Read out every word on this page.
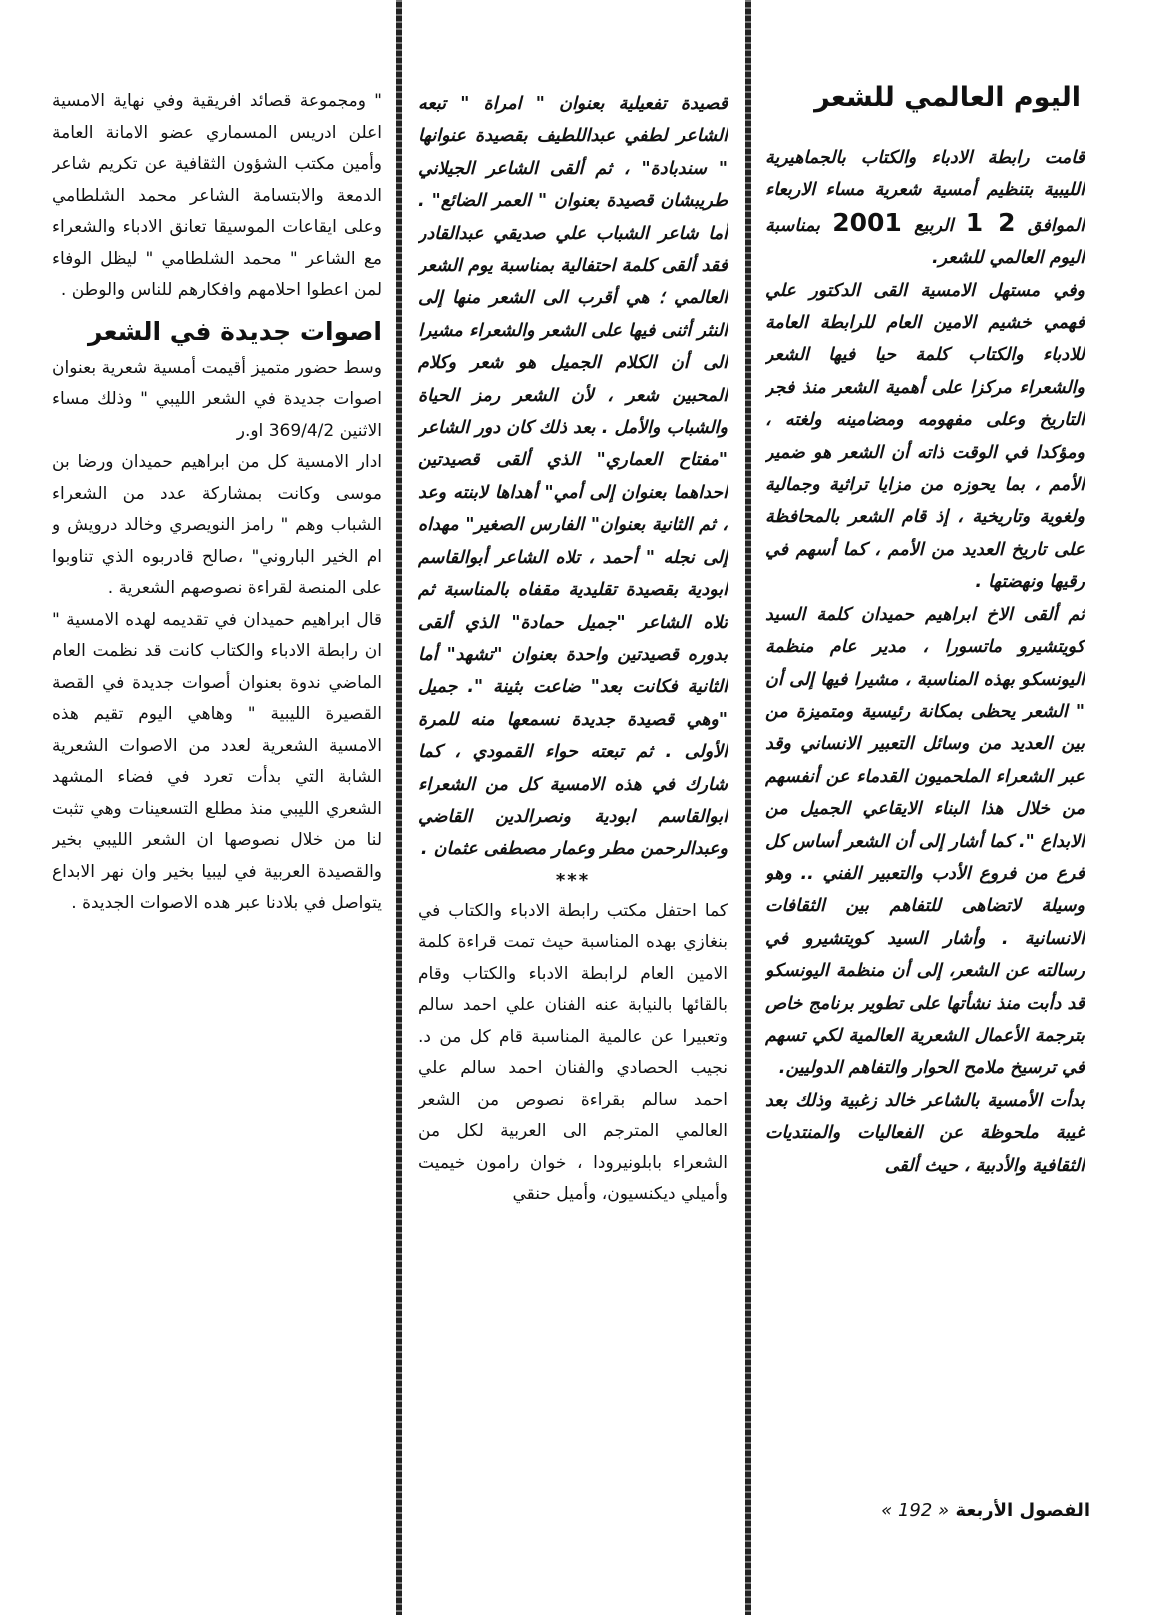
اليوم العالمي للشعر

قامت رابطة الادباء والكتاب بالجماهيرية الليبية بتنظيم أمسية شعرية مساء الاربعاء الموافق 2 1 الربيع 2001 بمناسبة اليوم العالمي للشعر.

وفي مستهل الامسية القى الدكتور علي فهمي خشيم الامين العام للرابطة العامة للادباء والكتاب كلمة حيا فيها الشعر والشعراء مركزا على أهمية الشعر منذ فجر التاريخ وعلى مفهومه ومضامينه ولغته ، ومؤكدا في الوقت ذاته أن الشعر هو ضمير الأمم ، بما يحوزه من مزايا تراثية وجمالية ولغوية وتاريخية ، إذ قام الشعر بالمحافظة على تاريخ العديد من الأمم ، كما أسهم في رقيها ونهضتها .

ثم ألقى الاخ ابراهيم حميدان كلمة السيد كويتشيرو ماتسورا ، مدير عام منظمة اليونسكو بهذه المناسبة ، مشيرا فيها إلى أن " الشعر يحظى بمكانة رئيسية ومتميزة من بين العديد من وسائل التعبير الانساني وقد عبر الشعراء الملحميون القدماء عن أنفسهم من خلال هذا البناء الايقاعي الجميل من الابداع ". كما أشار إلى أن الشعر أساس كل فرع من فروع الأدب والتعبير الفني .. وهو وسيلة لاتضاهى للتفاهم بين الثقافات الانسانية . وأشار السيد كويتشيرو في رسالته عن الشعر، إلى أن منظمة اليونسكو قد دأبت منذ نشأتها على تطوير برنامج خاص بترجمة الأعمال الشعرية العالمية لكي تسهم في ترسيخ ملامح الحوار والتفاهم الدوليين.

بدأت الأمسية بالشاعر خالد زغبية وذلك بعد غيبة ملحوظة عن الفعاليات والمنتديات الثقافية والأدبية ، حيث ألقى

قصيدة تفعيلية بعنوان " امراة " تبعه الشاعر لطفي عبداللطيف بقصيدة عنوانها " سندبادة" ، ثم ألقى الشاعر الجيلاني طريبشان قصيدة بعنوان " العمر الضائع" . أما شاعر الشباب علي صديقي عبدالقادر فقد ألقى كلمة احتفالية بمناسبة يوم الشعر العالمي ؛ هي أقرب الى الشعر منها إلى النثر أثنى فيها على الشعر والشعراء مشيرا الى أن الكلام الجميل هو شعر وكلام المحبين شعر ، لأن الشعر رمز الحياة والشباب والأمل . بعد ذلك كان دور الشاعر "مفتاح العماري" الذي ألقى قصيدتين احداهما بعنوان إلى أمي" أهداها لابنته وعد ، ثم الثانية بعنوان" الفارس الصغير" مهداه إلى نجله " أحمد ، تلاه الشاعر أبوالقاسم ابودية بقصيدة تقليدية مقفاه بالمناسبة ثم تلاه الشاعر "جميل حمادة" الذي ألقى بدوره قصيدتين واحدة بعنوان "تشهد" أما الثانية فكانت بعد" ضاعت بثينة ". جميل "وهي قصيدة جديدة نسمعها منه للمرة الأولى . ثم تبعته حواء القمودي ، كما شارك في هذه الامسية كل من الشعراء ابوالقاسم ابودية ونصرالدين القاضي وعبدالرحمن مطر وعمار مصطفى عثمان .

***

كما احتفل مكتب رابطة الادباء والكتاب في بنغازي بهده المناسبة حيث تمت قراءة كلمة الامين العام لرابطة الادباء والكتاب وقام بالقائها بالنيابة عنه الفنان علي احمد سالم وتعبيرا عن عالمية المناسبة قام كل من د. نجيب الحصادي والفنان احمد سالم علي احمد سالم بقراءة نصوص من الشعر العالمي المترجم الى العربية لكل من الشعراء بابلونيرودا ، خوان رامون خيميت وأميلي ديكنسيون، وأميل حنقي

" ومجموعة قصائد افريقية وفي نهاية الامسية اعلن ادريس المسماري عضو الامانة العامة وأمين مكتب الشؤون الثقافية عن تكريم شاعر الدمعة والابتسامة الشاعر محمد الشلطامي وعلى ايقاعات الموسيقا تعانق الادباء والشعراء مع الشاعر " محمد الشلطامي " ليظل الوفاء لمن اعطوا احلامهم وافكارهم للناس والوطن .

اصوات جديدة في الشعر

وسط حضور متميز أقيمت أمسية شعرية بعنوان اصوات جديدة في الشعر الليبي " وذلك مساء الاثنين 369/4/2 او.ر

ادار الامسية كل من ابراهيم حميدان ورضا بن موسى وكانت بمشاركة عدد من الشعراء الشباب وهم " رامز النويصري وخالد درويش و ام الخير الباروني" ،صالح قادربوه الذي تناوبوا على المنصة لقراءة نصوصهم الشعرية .

قال ابراهيم حميدان في تقديمه لهده الامسية " ان رابطة الادباء والكتاب كانت قد نظمت العام الماضي ندوة بعنوان أصوات جديدة في القصة القصيرة الليبية " وهاهي اليوم تقيم هذه الامسية الشعرية لعدد من الاصوات الشعرية الشابة التي بدأت تعرد في فضاء المشهد الشعري الليبي منذ مطلع التسعينات وهي تثبت لنا من خلال نصوصها ان الشعر الليبي بخير والقصيدة العربية في ليبيا بخير وان نهر الابداع يتواصل في بلادنا عبر هده الاصوات الجديدة .

الفصول الأربعة « 192 »
